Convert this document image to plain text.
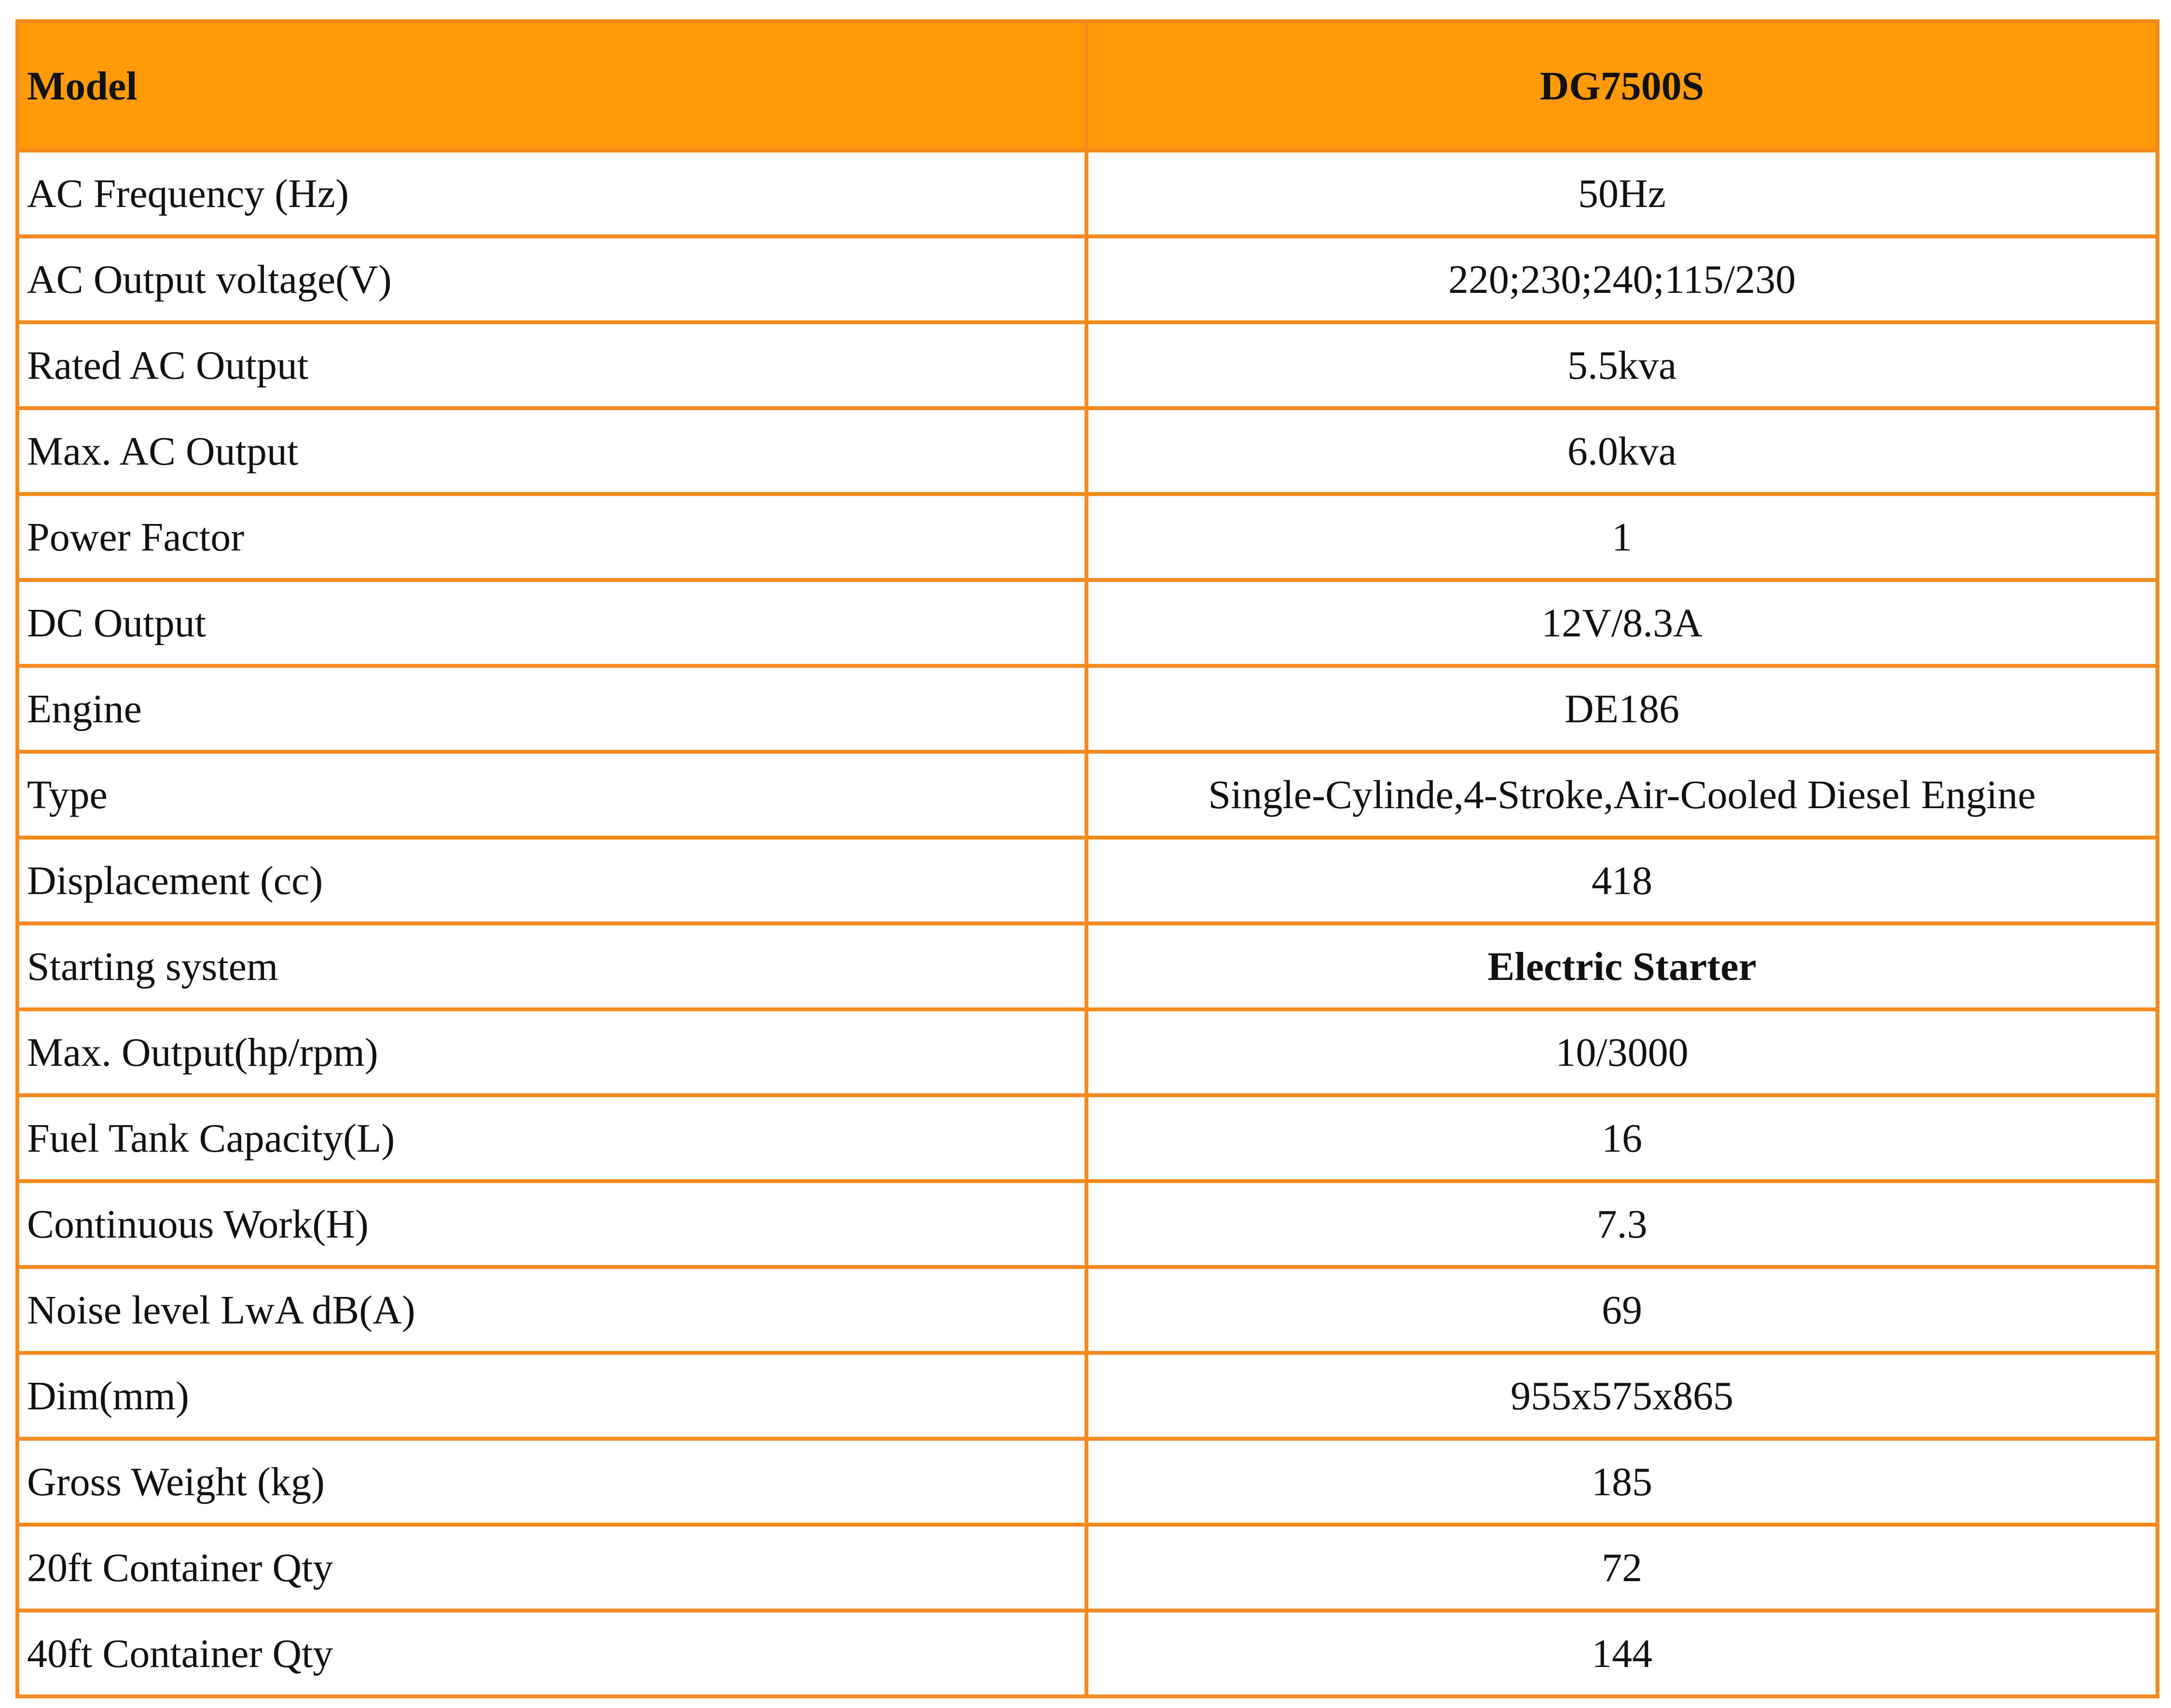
Model	DG7500S
AC Frequency (Hz)	50Hz
AC Output voltage(V)	220;230;240;115/230
Rated AC Output	5.5kva
Max. AC Output	6.0kva
Power Factor	1
DC Output	12V/8.3A
Engine	DE186
Type	Single-Cylinde,4-Stroke,Air-Cooled Diesel Engine
Displacement (cc)	418
Starting system	Electric Starter
Max. Output(hp/rpm)	10/3000
Fuel Tank Capacity(L)	16
Continuous Work(H)	7.3
Noise level LwA dB(A)	69
Dim(mm)	955x575x865
Gross Weight (kg)	185
20ft Container Qty	72
40ft Container Qty	144
